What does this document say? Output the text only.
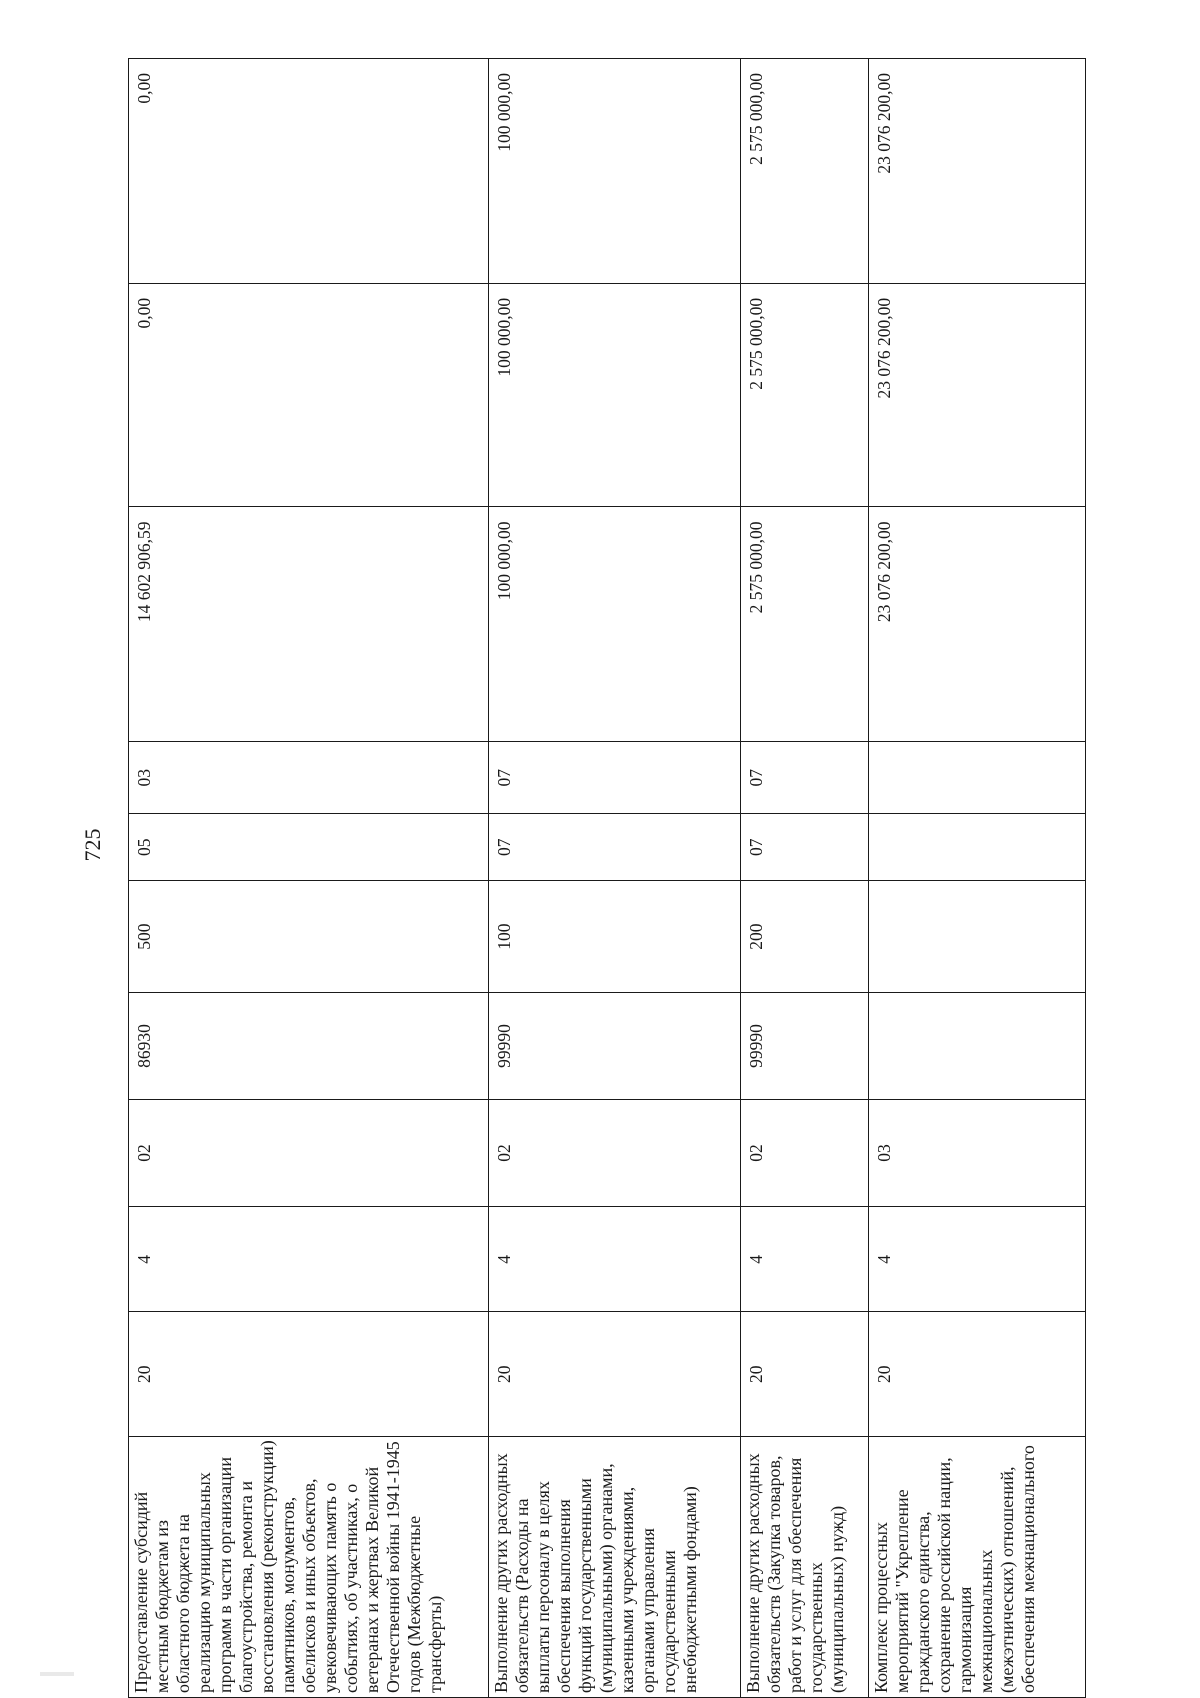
725
Предоставление субсидий местным бюджетам из областного бюджета на реализацию муниципальных программ в части организации благоустройства, ремонта и восстановления (реконструкции) памятников, монументов, обелисков и иных объектов, увековечивающих память о событиях, об участниках, о ветеранах и жертвах Великой Отечественной войны 1941-1945 годов (Межбюджетные трансферты)	20	4	02	86930	500	05	03	14 602 906,59	0,00	0,00
Выполнение других расходных обязательств (Расходы на выплаты персоналу в целях обеспечения выполнения функций государственными (муниципальными) органами, казенными учреждениями, органами управления государственными внебюджетными фондами)	20	4	02	99990	100	07	07	100 000,00	100 000,00	100 000,00
Выполнение других расходных обязательств (Закупка товаров, работ и услуг для обеспечения государственных (муниципальных) нужд)	20	4	02	99990	200	07	07	2 575 000,00	2 575 000,00	2 575 000,00
Комплекс процессных мероприятий "Укрепление гражданского единства, сохранение российской нации, гармонизация межнациональных (межэтнических) отношений, обеспечения межнационального	20	4	03					23 076 200,00	23 076 200,00	23 076 200,00
